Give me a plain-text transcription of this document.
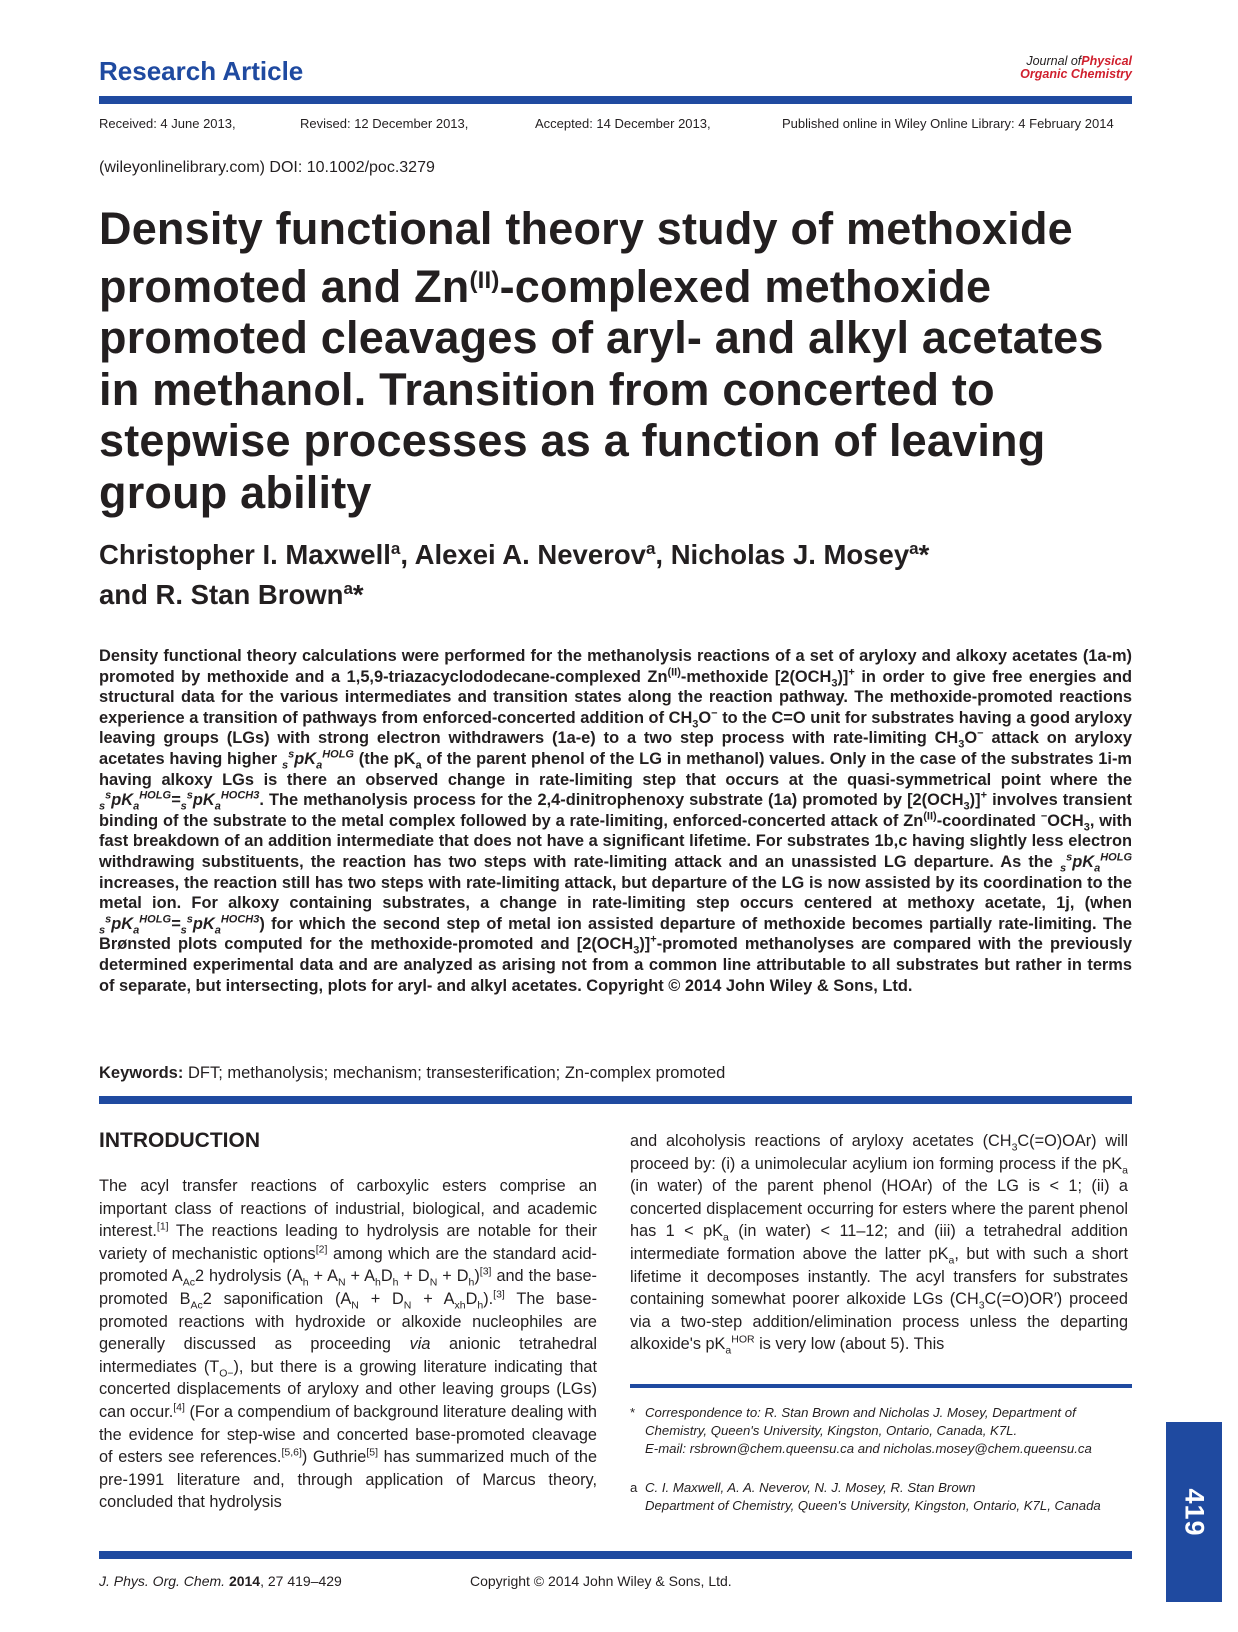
Research Article	Journal ofPhysical
Organic Chemistry
Received: 4 June 2013,	Revised: 12 December 2013,	Accepted: 14 December 2013,	Published online in Wiley Online Library: 4 February 2014
(wileyonlinelibrary.com) DOI: 10.1002/poc.3279
Density functional theory study of methoxide promoted and $Zn^{(II)}$-complexed methoxide promoted cleavages of aryl- and alkyl acetates in methanol. Transition from concerted to stepwise processes as a function of leaving group ability
Christopher I. Maxwell$^a$, Alexei A. Neverov$^a$, Nicholas J. Mosey$^a$*
and R. Stan Brown$^a$*

Density functional theory calculations were performed for the methanolysis reactions of a set of aryloxy and alkoxy acetates (1a-m) promoted by methoxide and a 1,5,9-triazacyclododecane-complexed $Zn^{(II)}$-methoxide $[2(OCH_3)]^+$ in order to give free energies and structural data for the various intermediates and transition states along the reaction pathway. The methoxide-promoted reactions experience a transition of pathways from enforced-concerted addition of $CH_3O^-$ to the C=O unit for substrates having a good aryloxy leaving groups (LGs) with strong electron withdrawers (1a-e) to a two step process with rate-limiting $CH_3O^-$ attack on aryloxy acetates having higher $_s^spK_a^{HOLG}$ (the $pK_a$ of the parent phenol of the LG in methanol) values. Only in the case of the substrates 1i-m having alkoxy LGs is there an observed change in rate-limiting step that occurs at the quasi-symmetrical point where the $_s^spK_a^{HOLG}=_s^spK_a^{HOCH3}$. The methanolysis process for the 2,4-dinitrophenoxy substrate (1a) promoted by $[2(OCH_3)]^+$ involves transient binding of the substrate to the metal complex followed by a rate-limiting, enforced-concerted attack of $Zn^{(II)}$-coordinated $^-OCH_3$, with fast breakdown of an addition intermediate that does not have a significant lifetime. For substrates 1b,c having slightly less electron withdrawing substituents, the reaction has two steps with rate-limiting attack and an unassisted LG departure. As the $_s^spK_a^{HOLG}$ increases, the reaction still has two steps with rate-limiting attack, but departure of the LG is now assisted by its coordination to the metal ion. For alkoxy containing substrates, a change in rate-limiting step occurs centered at methoxy acetate, 1j, (when $_s^spK_a^{HOLG}=_s^spK_a^{HOCH3}$) for which the second step of metal ion assisted departure of methoxide becomes partially rate-limiting. The Brønsted plots computed for the methoxide-promoted and $[2(OCH_3)]^+$-promoted methanolyses are compared with the previously determined experimental data and are analyzed as arising not from a common line attributable to all substrates but rather in terms of separate, but intersecting, plots for aryl- and alkyl acetates. Copyright © 2014 John Wiley & Sons, Ltd.

Keywords: DFT; methanolysis; mechanism; transesterification; Zn-complex promoted
INTRODUCTION

The acyl transfer reactions of carboxylic esters comprise an important class of reactions of industrial, biological, and academic interest.[1] The reactions leading to hydrolysis are notable for their variety of mechanistic options[2] among which are the standard acid-promoted $A_{Ac}2$ hydrolysis $(A_h + A_N + A_hD_h + D_N + D_h)[3]$ and the base-promoted $B_{Ac}2$ saponification $(A_N + D_N + A_{xh}D_h).[3]$ The base-promoted reactions with hydroxide or alkoxide nucleophiles are generally discussed as proceeding via anionic tetrahedral intermediates $(T_{O-})$, but there is a growing literature indicating that concerted displacements of aryloxy and other leaving groups (LGs) can occur.[4] (For a compendium of background literature dealing with the evidence for step-wise and concerted base-promoted cleavage of esters see references.[5,6]) Guthrie[5] has summarized much of the pre-1991 literature and, through application of Marcus theory, concluded that hydrolysis

and alcoholysis reactions of aryloxy acetates $(CH_3C(=O)OAr)$ will proceed by: (i) a unimolecular acylium ion forming process if the $pK_a$ (in water) of the parent phenol (HOAr) of the LG is < 1; (ii) a concerted displacement occurring for esters where the parent phenol has $1 < pK_a$ (in water) < 11–12; and (iii) a tetrahedral addition intermediate formation above the latter $pK_a$, but with such a short lifetime it decomposes instantly. The acyl transfers for substrates containing somewhat poorer alkoxide LGs $(CH_3C(=O)OR')$ proceed via a two-step addition/elimination process unless the departing alkoxide's $pK_a^{HOR}$ is very low (about 5). This

* Correspondence to: R. Stan Brown and Nicholas J. Mosey, Department of Chemistry, Queen's University, Kingston, Ontario, Canada, K7L.
E-mail: rsbrown@chem.queensu.ca and nicholas.mosey@chem.queensu.ca
a C. I. Maxwell, A. A. Neverov, N. J. Mosey, R. Stan Brown
Department of Chemistry, Queen's University, Kingston, Ontario, K7L, Canada	419
J. Phys. Org. Chem. 2014, 27 419–429	Copyright © 2014 John Wiley & Sons, Ltd.
